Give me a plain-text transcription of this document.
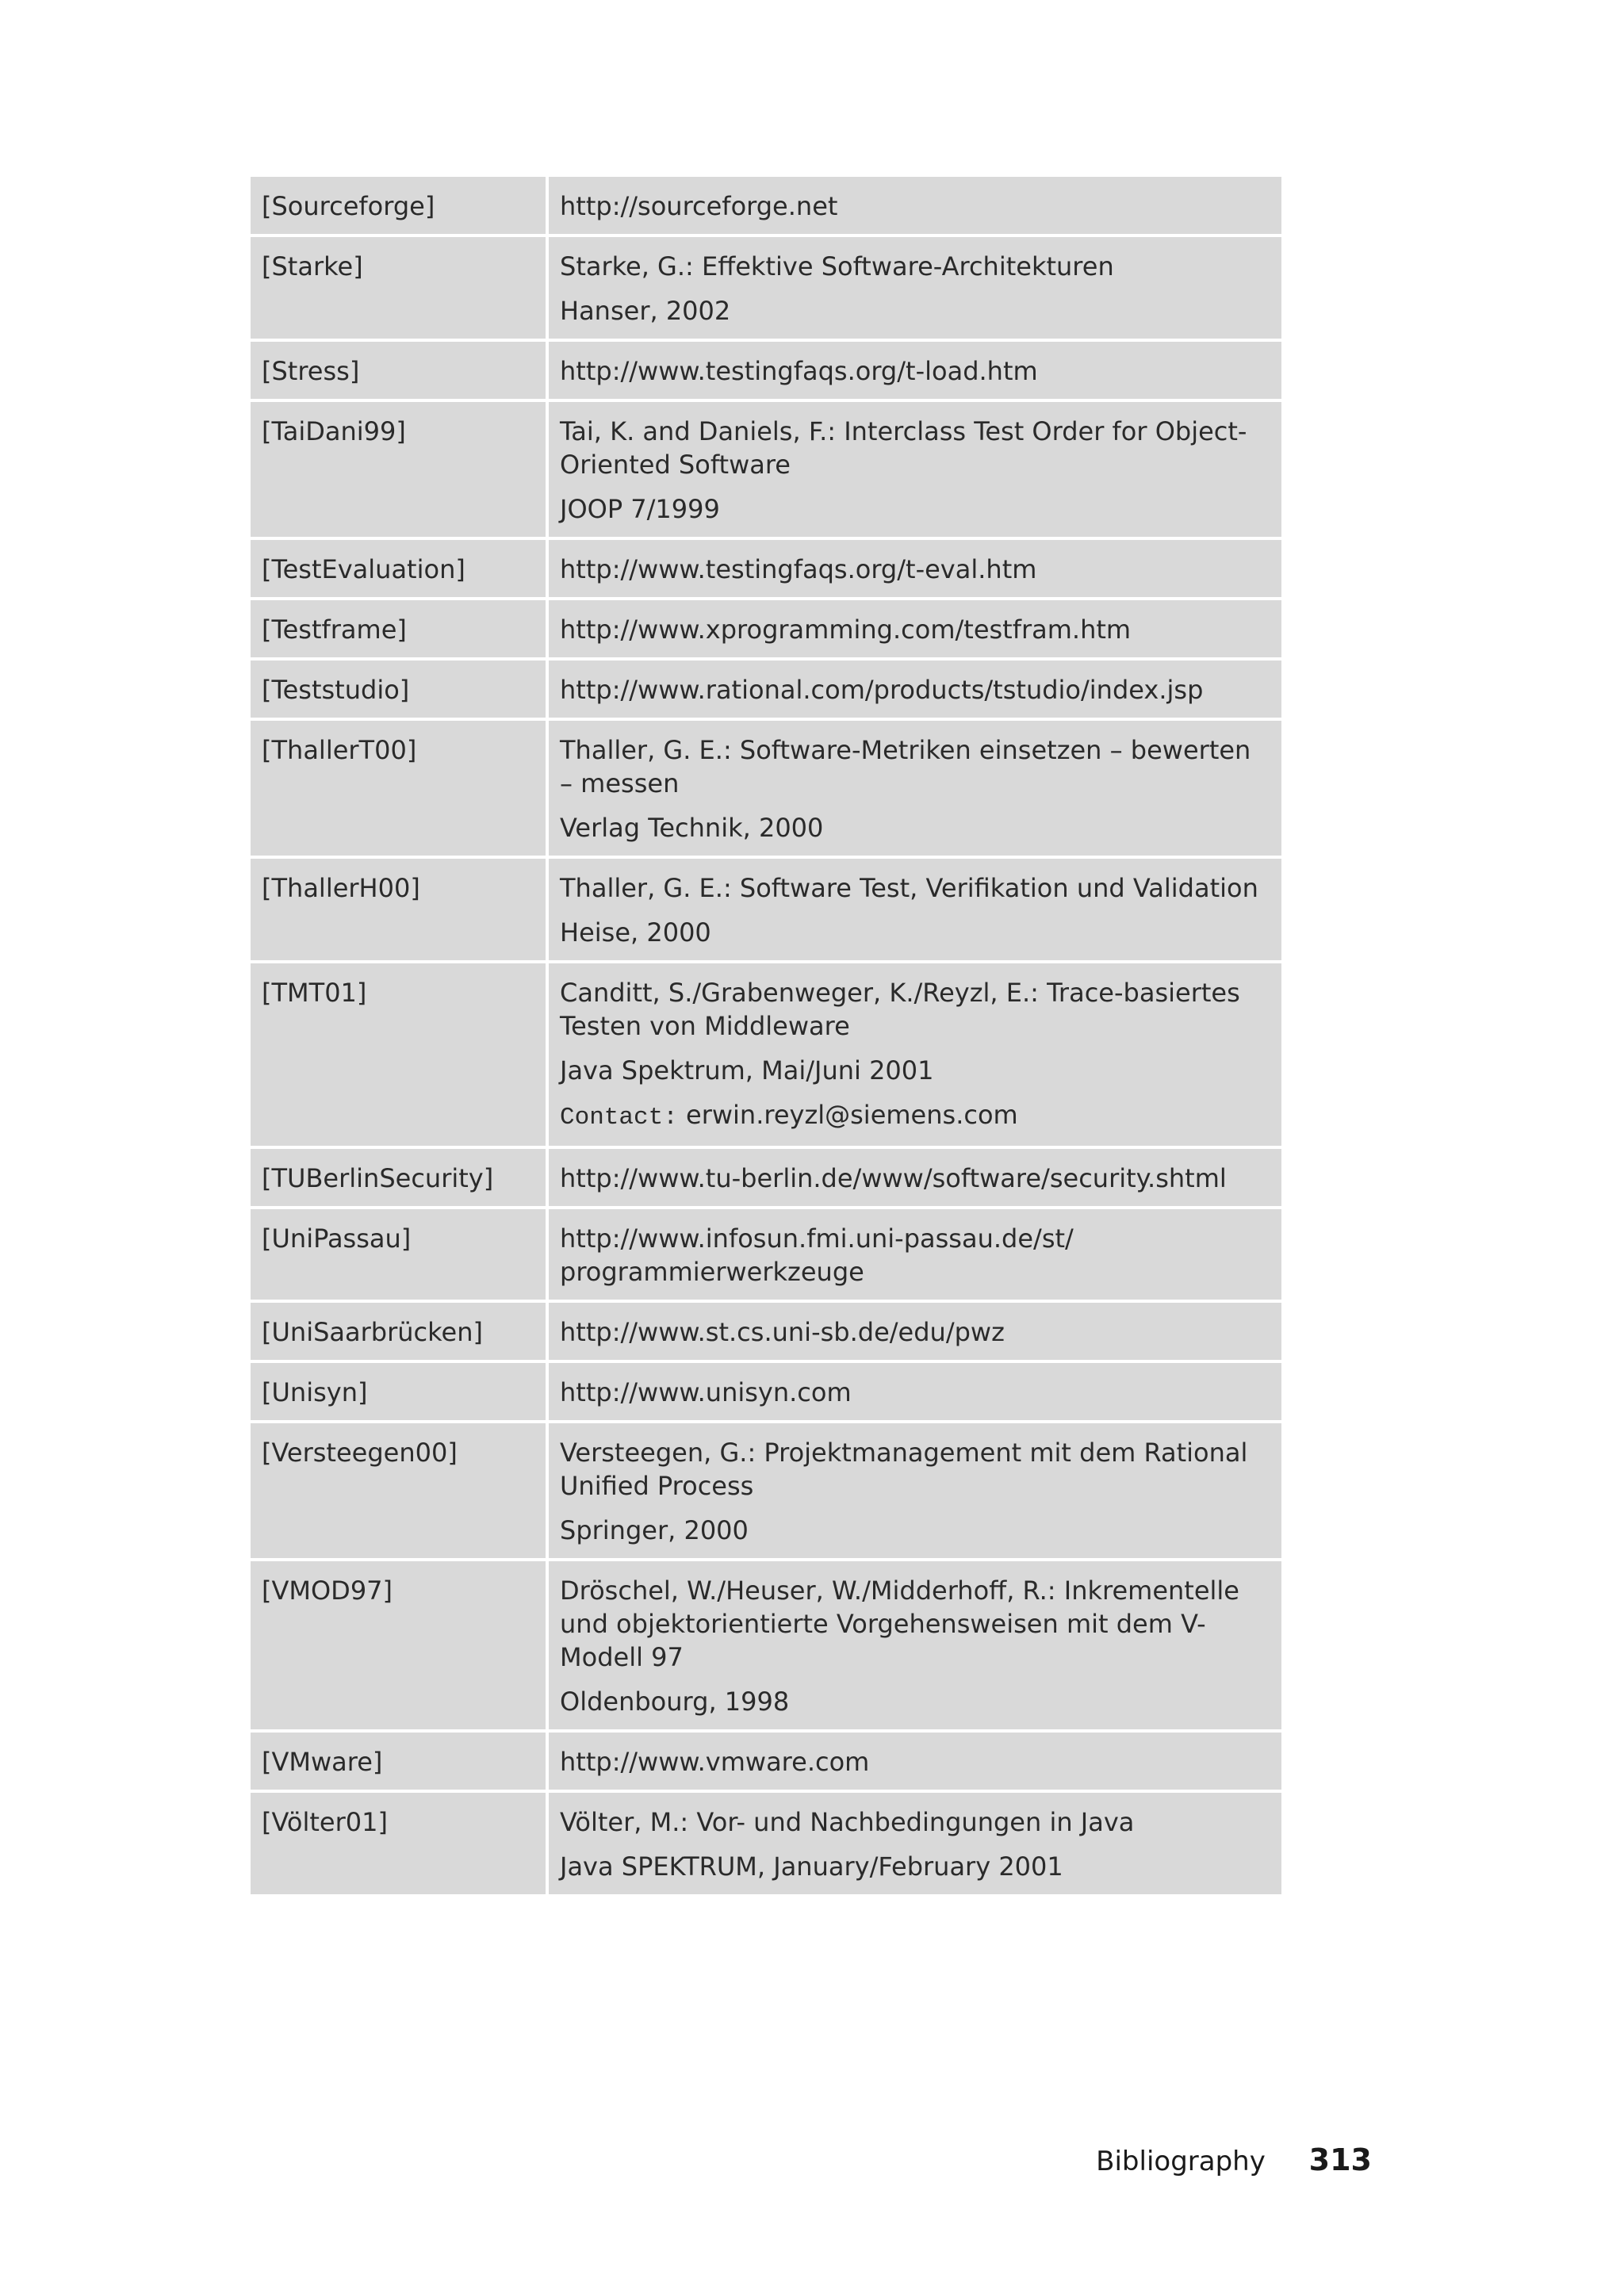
[Sourceforge]	http://sourceforge.net

[Starke]	Starke, G.: Effektive Software-Architekturen
Hanser, 2002

[Stress]	http://www.testingfaqs.org/t-load.htm

[TaiDani99]	Tai, K. and Daniels, F.: Interclass Test Order for Object-Oriented Software
JOOP 7/1999

[TestEvaluation]	http://www.testingfaqs.org/t-eval.htm

[Testframe]	http://www.xprogramming.com/testfram.htm

[Teststudio]	http://www.rational.com/products/tstudio/index.jsp

[ThallerT00]	Thaller, G. E.: Software-Metriken einsetzen – bewerten – messen
Verlag Technik, 2000

[ThallerH00]	Thaller, G. E.: Software Test, Verifikation und Validation
Heise, 2000

[TMT01]	Canditt, S./Grabenweger, K./Reyzl, E.: Trace-basiertes Testen von Middleware
Java Spektrum, Mai/Juni 2001
Contact: erwin.reyzl@siemens.com

[TUBerlinSecurity]	http://www.tu-berlin.de/www/software/security.shtml

[UniPassau]	http://www.infosun.fmi.uni-passau.de/st/ programmierwerkzeuge

[UniSaarbrücken]	http://www.st.cs.uni-sb.de/edu/pwz

[Unisyn]	http://www.unisyn.com

[Versteegen00]	Versteegen, G.: Projektmanagement mit dem Rational Unified Process
Springer, 2000

[VMOD97]	Dröschel, W./Heuser, W./Midderhoff, R.: Inkrementelle und objektorientierte Vorgehensweisen mit dem V-Modell 97
Oldenbourg, 1998

[VMware]	http://www.vmware.com

[Völter01]	Völter, M.: Vor- und Nachbedingungen in Java
Java SPEKTRUM, January/February 2001
Bibliography 313
